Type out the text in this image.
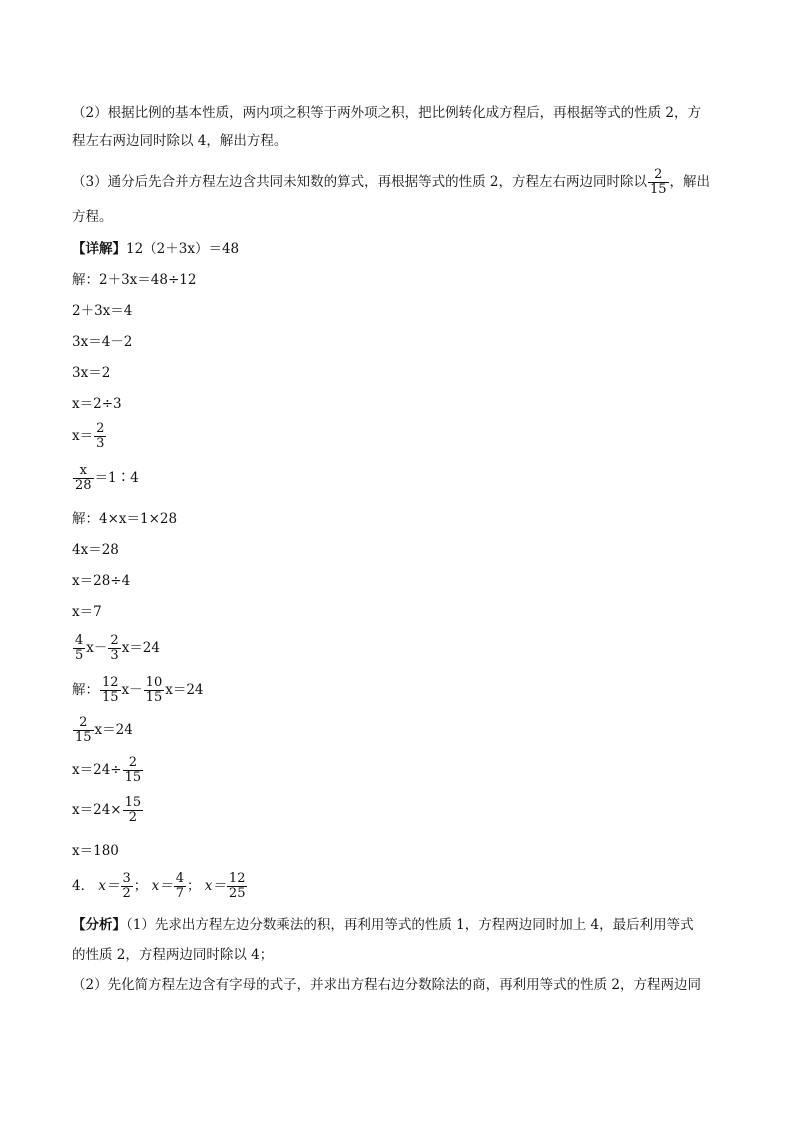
（2）根据比例的基本性质，两内项之积等于两外项之积，把比例转化成方程后，再根据等式的性质 2，方
程左右两边同时除以 4，解出方程。
（3）通分后先合并方程左边含共同未知数的算式，再根据等式的性质 2，方程左右两边同时除以 $\frac{2}{15}$ ，解出
方程。
【详解】12（2＋3x）＝48
解：2＋3x＝48÷12
2＋3x＝4
3x＝4－2
3x＝2
x＝2÷3
$x= \frac{2}{3}$
$\frac{x}{28}$ ＝1∶4
解：4×x＝1×28
4x＝28
x＝28÷4
x＝7
$\frac{4}{5} x- \frac{2}{3} x=24$
解： $\frac{12}{15} x- \frac{10}{15} x=24$
$\frac{2}{15} x=24$
$x=24\div \frac{2}{15}$
$x=24\times \frac{15}{2}$
x＝180
4． $x= \frac{3}{2}$ ； $x= \frac{4}{7}$ ； $x= \frac{12}{25}$
【分析】（1）先求出方程左边分数乘法的积，再利用等式的性质 1，方程两边同时加上 4，最后利用等式
的性质 2，方程两边同时除以 4；
（2）先化简方程左边含有字母的式子，并求出方程右边分数除法的商，再利用等式的性质 2，方程两边同
